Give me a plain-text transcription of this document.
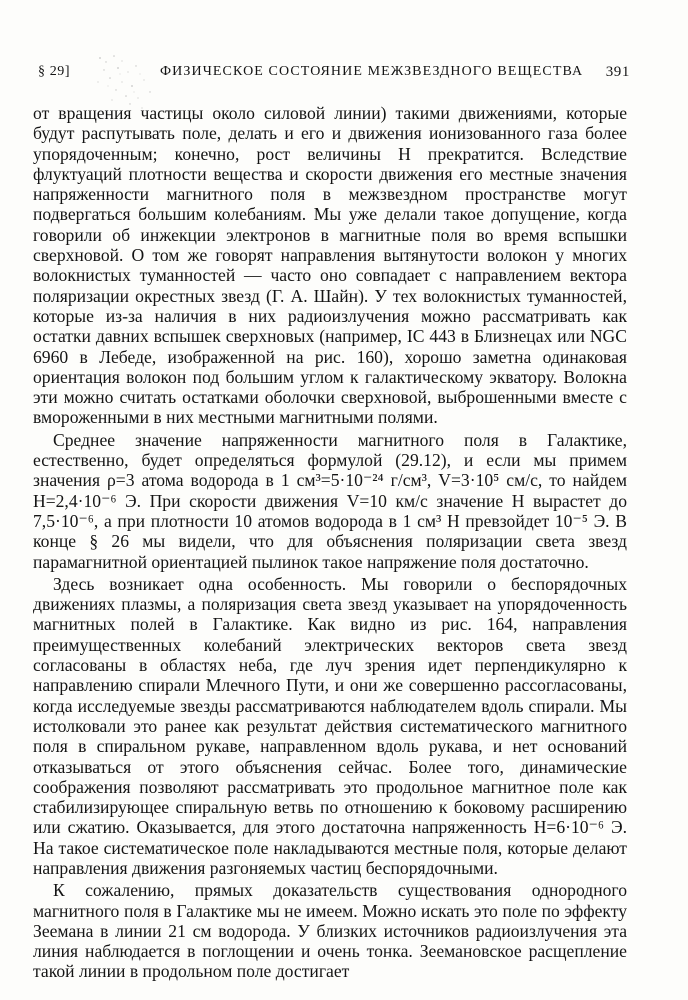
§ 29]	ФИЗИЧЕСКОЕ СОСТОЯНИЕ МЕЖЗВЕЗДНОГО ВЕЩЕСТВА 391

от вращения частицы около силовой линии) такими движениями, которые будут распутывать поле, делать и его и движения ионизованного газа более упорядоченным; конечно, рост величины H прекратится. Вследствие флуктуаций плотности вещества и скорости движения его местные значения напряженности магнитного поля в межзвездном пространстве могут подвергаться большим колебаниям. Мы уже делали такое допущение, когда говорили об инжекции электронов в магнитные поля во время вспышки сверхновой. О том же говорят направления вытянутости волокон у многих волокнистых туманностей — часто оно совпадает с направлением вектора поляризации окрестных звезд (Г. А. Шайн). У тех волокнистых туманностей, которые из-за наличия в них радиоизлучения можно рассматривать как остатки давних вспышек сверхновых (например, IC 443 в Близнецах или NGC 6960 в Лебеде, изображенной на рис. 160), хорошо заметна одинаковая ориентация волокон под большим углом к галактическому экватору. Волокна эти можно считать остатками оболочки сверхновой, выброшенными вместе с вмороженными в них местными магнитными полями.

Среднее значение напряженности магнитного поля в Галактике, естественно, будет определяться формулой (29.12), и если мы примем значения ρ=3 атома водорода в 1 см³=5·10⁻²⁴ г/см³, V=3·10⁵ см/с, то найдем H=2,4·10⁻⁶ Э. При скорости движения V=10 км/с значение H вырастет до 7,5·10⁻⁶, а при плотности 10 атомов водорода в 1 см³ H превзойдет 10⁻⁵ Э. В конце § 26 мы видели, что для объяснения поляризации света звезд парамагнитной ориентацией пылинок такое напряжение поля достаточно.

Здесь возникает одна особенность. Мы говорили о беспорядочных движениях плазмы, а поляризация света звезд указывает на упорядоченность магнитных полей в Галактике. Как видно из рис. 164, направления преимущественных колебаний электрических векторов света звезд согласованы в областях неба, где луч зрения идет перпендикулярно к направлению спирали Млечного Пути, и они же совершенно рассогласованы, когда исследуемые звезды рассматриваются наблюдателем вдоль спирали. Мы истолковали это ранее как результат действия систематического магнитного поля в спиральном рукаве, направленном вдоль рукава, и нет оснований отказываться от этого объяснения сейчас. Более того, динамические соображения позволяют рассматривать это продольное магнитное поле как стабилизирующее спиральную ветвь по отношению к боковому расширению или сжатию. Оказывается, для этого достаточна напряженность H=6·10⁻⁶ Э. На такое систематическое поле накладываются местные поля, которые делают направления движения разгоняемых частиц беспорядочными.

К сожалению, прямых доказательств существования однородного магнитного поля в Галактике мы не имеем. Можно искать это поле по эффекту Зеемана в линии 21 см водорода. У близких источников радиоизлучения эта линия наблюдается в поглощении и очень тонка. Зеемановское расщепление такой линии в продольном поле достигает
